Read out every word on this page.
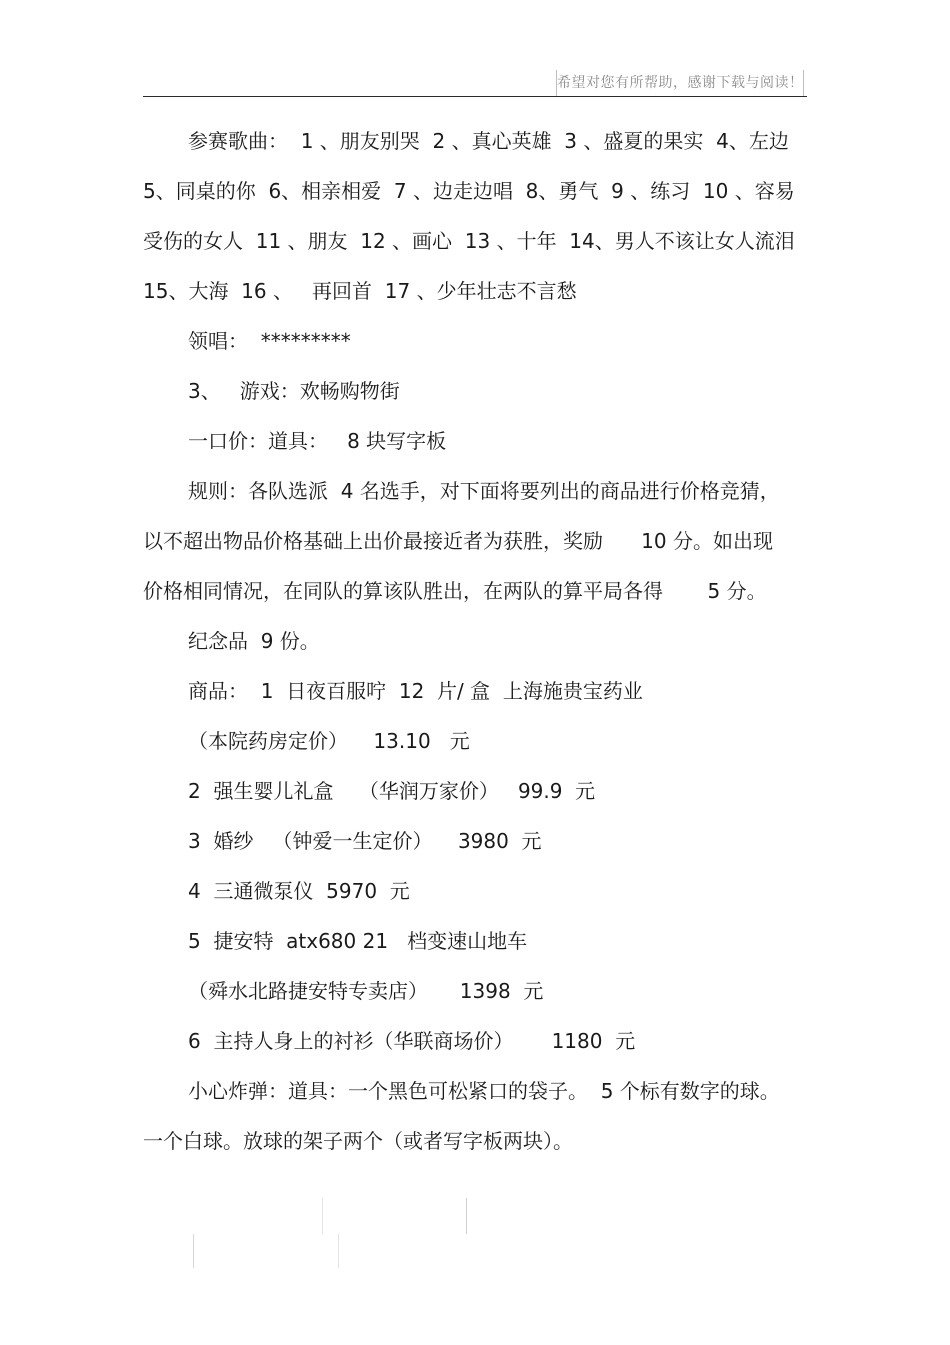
希望对您有所帮助，感谢下载与阅读！
参赛歌曲：  1 、朋友别哭  2 、真心英雄  3 、盛夏的果实  4、左边
5、同桌的你  6、相亲相爱  7 、边走边唱  8、勇气  9 、练习  10 、容易
受伤的女人  11 、朋友  12 、画心  13 、十年  14、男人不该让女人流泪
15、大海  16 、   再回首  17 、少年壮志不言愁
领唱：  *********
3、   游戏：欢畅购物街
一口价：道具：   8 块写字板
规则：各队选派  4 名选手，对下面将要列出的商品进行价格竞猜，
以不超出物品价格基础上出价最接近者为获胜，奖励      10 分。如出现
价格相同情况，在同队的算该队胜出，在两队的算平局各得       5 分。
纪念品  9 份。
商品：  1  日夜百服咛  12  片/ 盒  上海施贵宝药业
（本院药房定价）    13.10   元
2  强生婴儿礼盒    （华润万家价）   99.9  元
3  婚纱   （钟爱一生定价）    3980  元
4  三通微泵仪  5970  元
5  捷安特  atx680 21   档变速山地车
（舜水北路捷安特专卖店）     1398  元
6  主持人身上的衬衫（华联商场价）      1180  元
小心炸弹：道具：一个黑色可松紧口的袋子。  5 个标有数字的球。
一个白球。放球的架子两个（或者写字板两块）。
